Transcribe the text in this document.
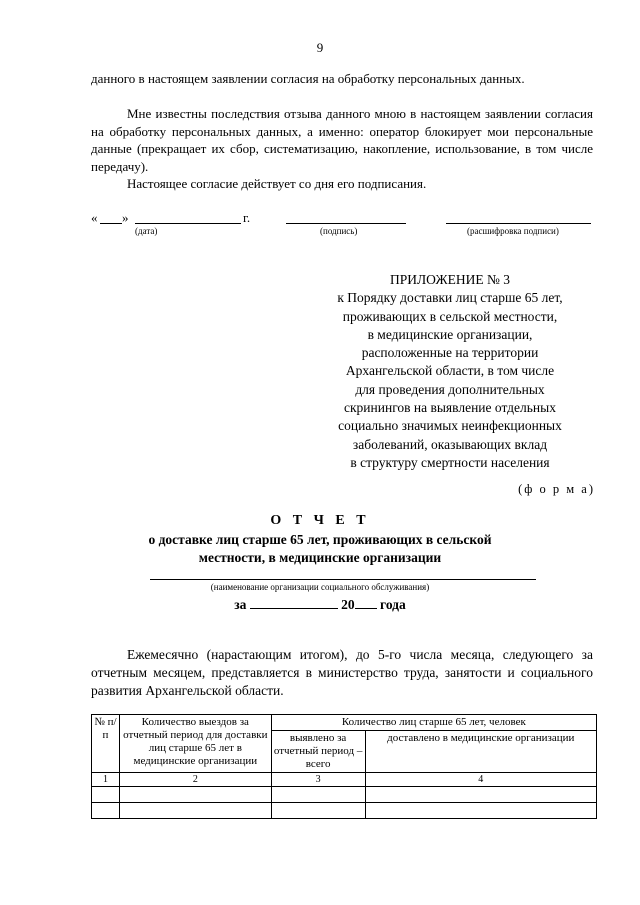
9

данного в настоящем заявлении согласия на обработку персональных данных.

Мне известны последствия отзыва данного мною в настоящем заявлении согласия на обработку персональных данных, а именно: оператор блокирует мои персональные данные (прекращает их сбор, систематизацию, накопление, использование, в том числе передачу).

Настоящее согласие действует со дня его подписания.

« »	г.
(дата)	(подпись)	(расшифровка подписи)
ПРИЛОЖЕНИЕ № 3
к Порядку доставки лиц старше 65 лет,
проживающих в сельской местности,
в медицинские организации,
расположенные на территории
Архангельской области, в том числе
для проведения дополнительных
скринингов на выявление отдельных
социально значимых неинфекционных
заболеваний, оказывающих вклад
в структуру смертности населения
(ф о р м а)
О Т Ч Е Т
о доставке лиц старше 65 лет, проживающих в сельской
местности, в медицинские организации
(наименование организации социального обслуживания)
за	20 года

Ежемесячно (нарастающим итогом), до 5-го числа месяца, следующего за отчетным месяцем, представляется в министерство труда, занятости и социального развития Архангельской области.

№ п/п	Количество выездов за отчетный период для доставки лиц старше 65 лет в медицинские организации	Количество лиц старше 65 лет, человек	
		выявлено за отчетный период – всего	доставлено в медицинские организации
1	2	3	4
